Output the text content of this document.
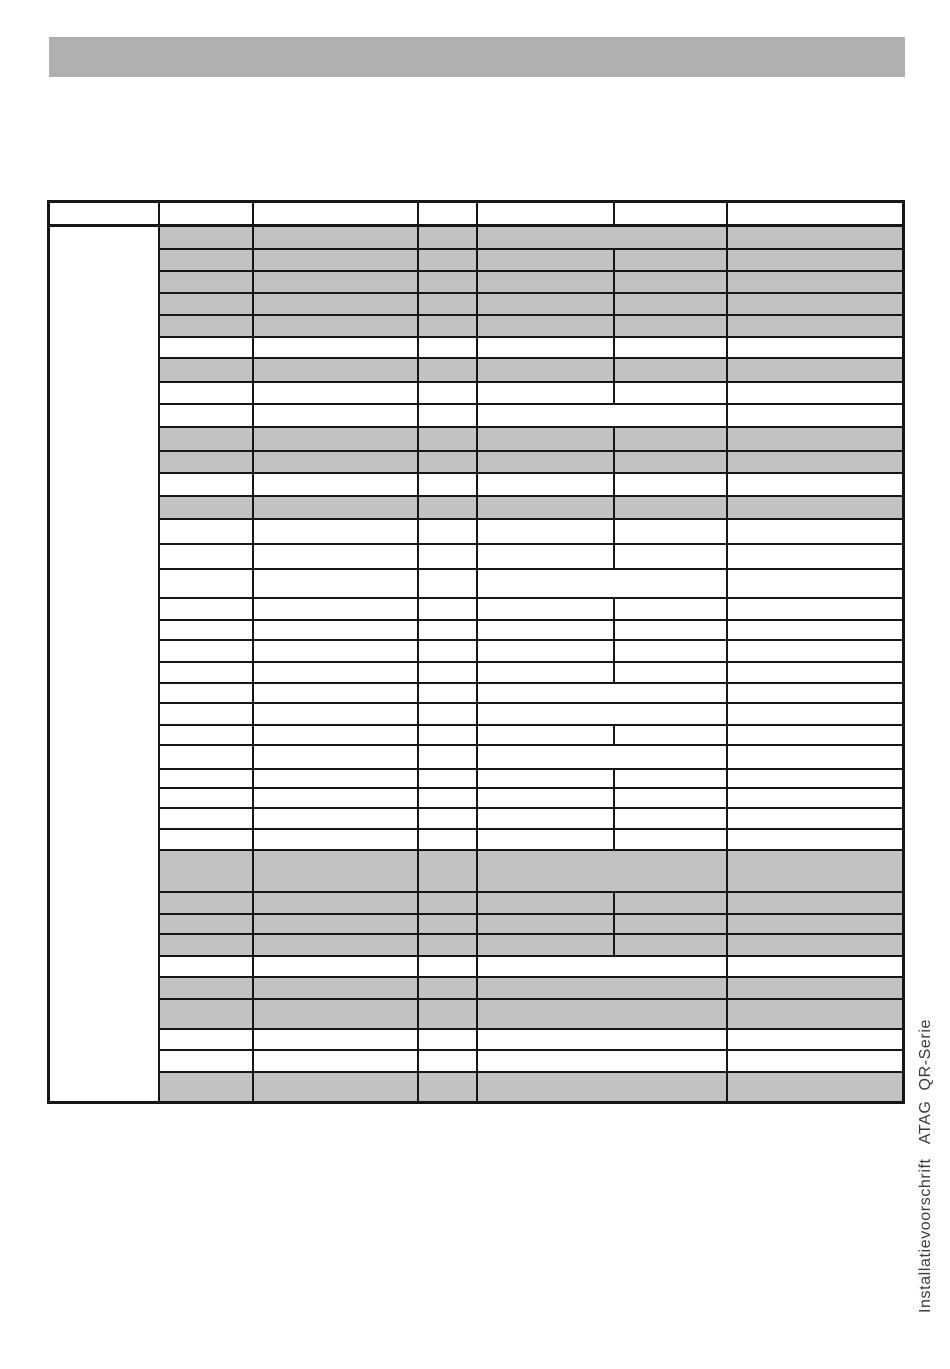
Installatievoorschrift   ATAG  QR-Serie
